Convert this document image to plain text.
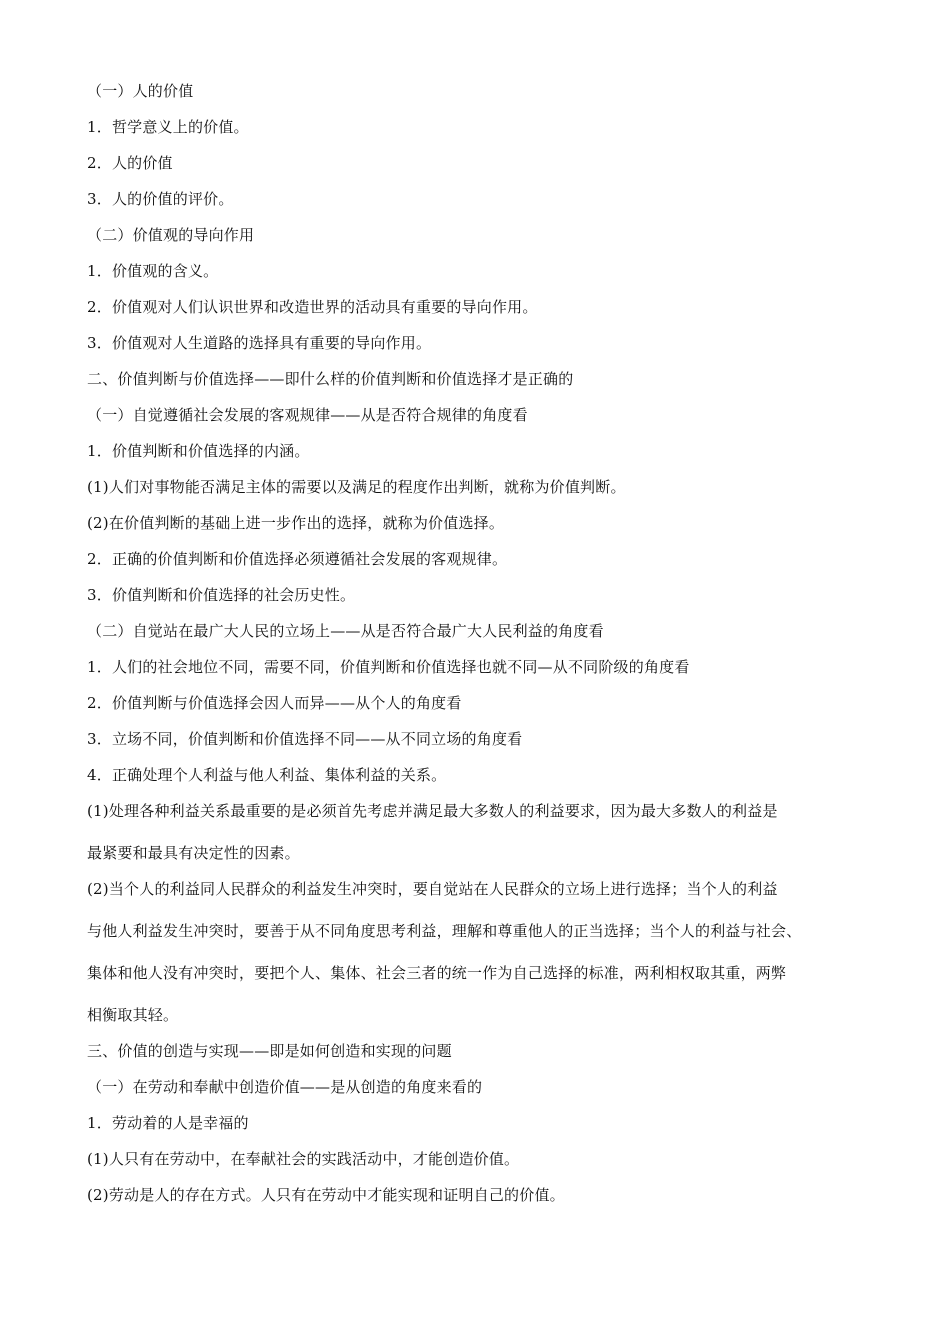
（一）人的价值
1．哲学意义上的价值。
2．人的价值
3．人的价值的评价。
（二）价值观的导向作用
1．价值观的含义。
2．价值观对人们认识世界和改造世界的活动具有重要的导向作用。
3．价值观对人生道路的选择具有重要的导向作用。
二、价值判断与价值选择——即什么样的价值判断和价值选择才是正确的
（一）自觉遵循社会发展的客观规律——从是否符合规律的角度看
1．价值判断和价值选择的内涵。
(1)人们对事物能否满足主体的需要以及满足的程度作出判断，就称为价值判断。
(2)在价值判断的基础上进一步作出的选择，就称为价值选择。
2．正确的价值判断和价值选择必须遵循社会发展的客观规律。
3．价值判断和价值选择的社会历史性。
（二）自觉站在最广大人民的立场上——从是否符合最广大人民利益的角度看
1．人们的社会地位不同，需要不同，价值判断和价值选择也就不同—从不同阶级的角度看
2．价值判断与价值选择会因人而异——从个人的角度看
3．立场不同，价值判断和价值选择不同——从不同立场的角度看
4．正确处理个人利益与他人利益、集体利益的关系。
(1)处理各种利益关系最重要的是必须首先考虑并满足最大多数人的利益要求，因为最大多数人的利益是
最紧要和最具有决定性的因素。
(2)当个人的利益同人民群众的利益发生冲突时，要自觉站在人民群众的立场上进行选择；当个人的利益
与他人利益发生冲突时，要善于从不同角度思考利益，理解和尊重他人的正当选择；当个人的利益与社会、
集体和他人没有冲突时，要把个人、集体、社会三者的统一作为自己选择的标准，两利相权取其重，两弊
相衡取其轻。
三、价值的创造与实现——即是如何创造和实现的问题
（一）在劳动和奉献中创造价值——是从创造的角度来看的
1．劳动着的人是幸福的
(1)人只有在劳动中，在奉献社会的实践活动中，才能创造价值。
(2)劳动是人的存在方式。人只有在劳动中才能实现和证明自己的价值。
